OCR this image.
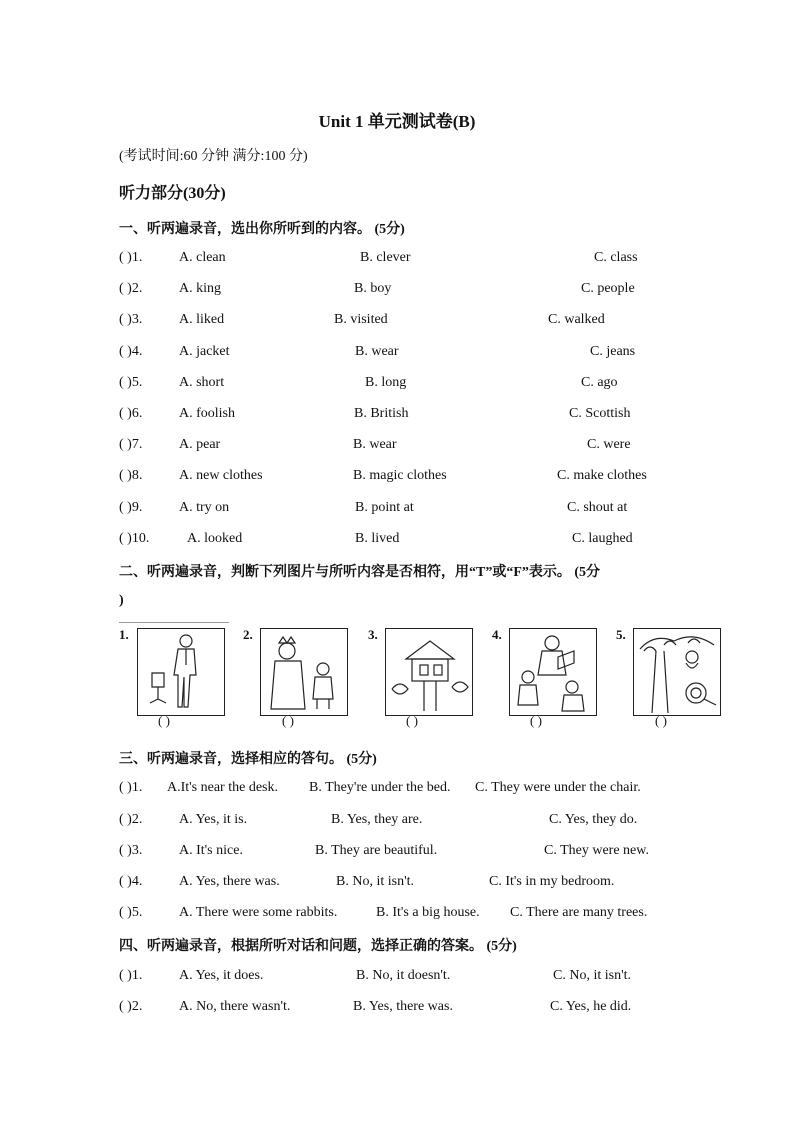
Unit 1 单元测试卷(B)
(考试时间:60 分钟 满分:100 分)
听力部分(30分)
一、听两遍录音，选出你所听到的内容。 (5分)
( )1.	A. clean	B. clever	C. class
( )2.	A. king	B. boy	C. people
( )3.	A. liked	B. visited	C. walked
( )4.	A. jacket	B. wear	C. jeans
( )5.	A. short	B. long	C. ago
( )6.	A. foolish	B. British	C. Scottish
( )7.	A. pear	B. wear	C. were
( )8.	A. new clothes	B. magic clothes	C. make clothes
( )9.	A. try on	B. point at	C. shout at
( )10.	A. looked	B. lived	C. laughed
二、听两遍录音，判断下列图片与所听内容是否相符，用“T”或“F”表示。 (5分
)
1.
( )
2.
( )
3.
( )
4.
( )
5.
( )
三、听两遍录音，选择相应的答句。 (5分)
( )1. A.It's near the desk. B. They're under the bed. C. They were under the chair.
( )2.	A. Yes, it is.	B. Yes, they are.	C. Yes, they do.
( )3.	A. It's nice.	B. They are beautiful.	C. They were new.
( )4.	A. Yes, there was.	B. No, it isn't.	C. It's in my bedroom.
( )5.	A. There were some rabbits.	B. It's a big house. C. There are many trees.
四、听两遍录音，根据所听对话和问题，选择正确的答案。 (5分)
( )1.	A. Yes, it does.	B. No, it doesn't.	C. No, it isn't.
( )2.	A. No, there wasn't.	B. Yes, there was.	C. Yes, he did.
